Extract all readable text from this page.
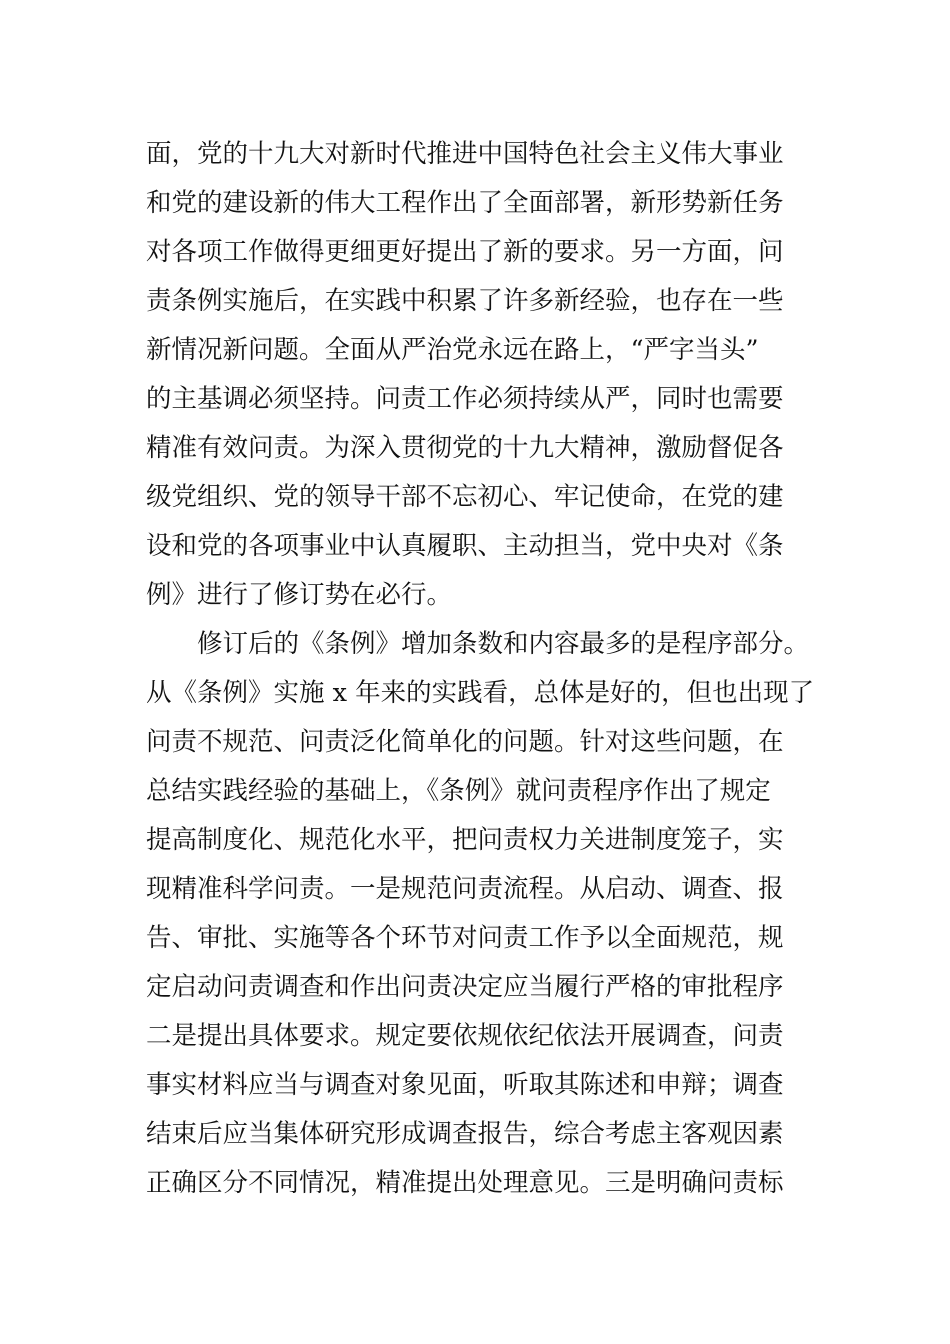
面，党的十九大对新时代推进中国特色社会主义伟大事业
和党的建设新的伟大工程作出了全面部署，新形势新任务
对各项工作做得更细更好提出了新的要求。另一方面，问
责条例实施后，在实践中积累了许多新经验，也存在一些
新情况新问题。全面从严治党永远在路上，“严字当头”
的主基调必须坚持。问责工作必须持续从严，同时也需要
精准有效问责。为深入贯彻党的十九大精神，激励督促各
级党组织、党的领导干部不忘初心、牢记使命，在党的建
设和党的各项事业中认真履职、主动担当，党中央对《条
例》进行了修订势在必行。
修订后的《条例》增加条数和内容最多的是程序部分。
从《条例》实施 x 年来的实践看，总体是好的，但也出现了
问责不规范、问责泛化简单化的问题。针对这些问题，在
总结实践经验的基础上，《条例》就问责程序作出了规定
提高制度化、规范化水平，把问责权力关进制度笼子，实
现精准科学问责。一是规范问责流程。从启动、调查、报
告、审批、实施等各个环节对问责工作予以全面规范，规
定启动问责调查和作出问责决定应当履行严格的审批程序
二是提出具体要求。规定要依规依纪依法开展调查，问责
事实材料应当与调查对象见面，听取其陈述和申辩；调查
结束后应当集体研究形成调查报告，综合考虑主客观因素
正确区分不同情况，精准提出处理意见。三是明确问责标
